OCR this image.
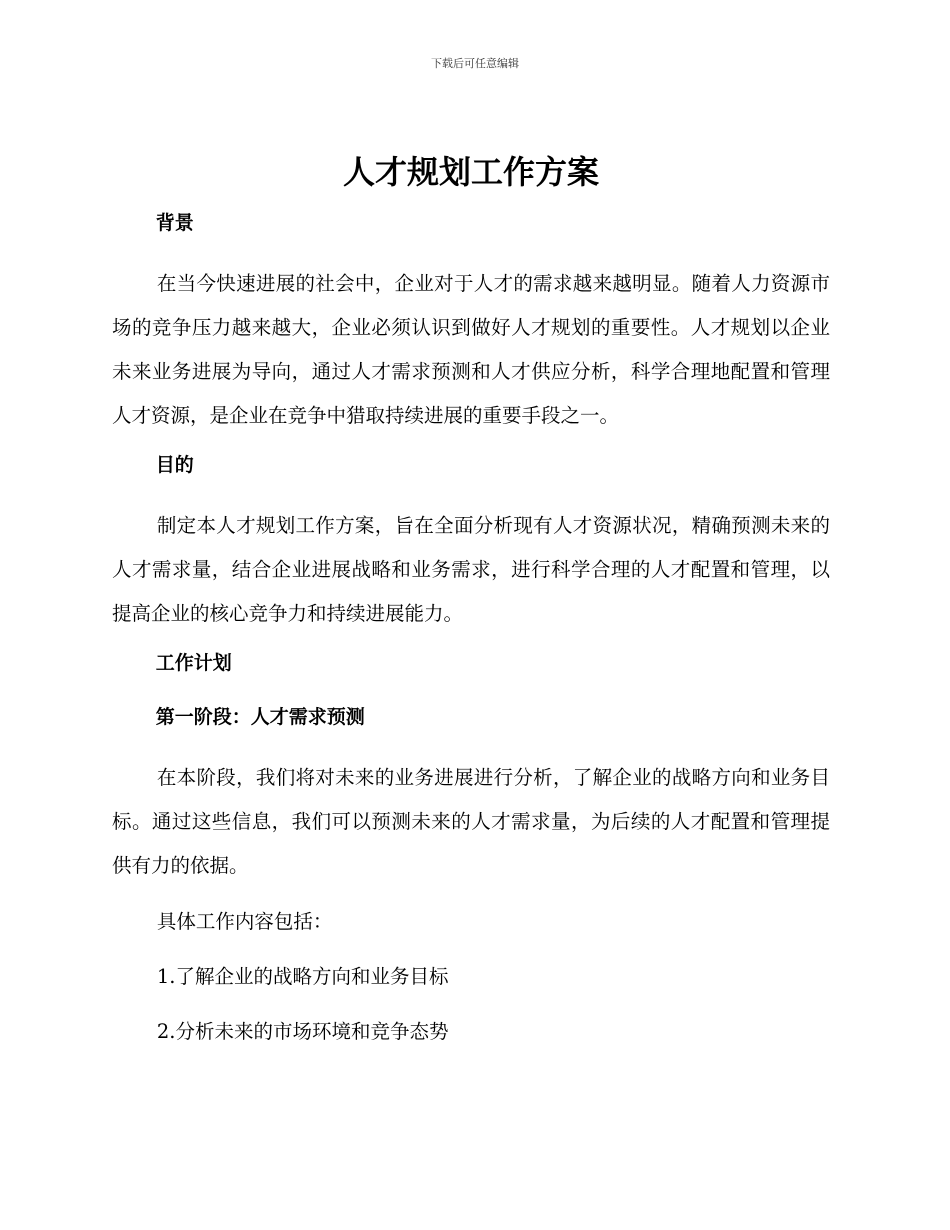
下载后可任意编辑
人才规划工作方案
背景

在当今快速进展的社会中，企业对于人才的需求越来越明显。随着人力资源市场的竞争压力越来越大，企业必须认识到做好人才规划的重要性。人才规划以企业未来业务进展为导向，通过人才需求预测和人才供应分析，科学合理地配置和管理人才资源，是企业在竞争中猎取持续进展的重要手段之一。

目的

制定本人才规划工作方案，旨在全面分析现有人才资源状况，精确预测未来的人才需求量，结合企业进展战略和业务需求，进行科学合理的人才配置和管理，以提高企业的核心竞争力和持续进展能力。

工作计划
第一阶段：人才需求预测

在本阶段，我们将对未来的业务进展进行分析，了解企业的战略方向和业务目标。通过这些信息，我们可以预测未来的人才需求量，为后续的人才配置和管理提供有力的依据。

具体工作内容包括：

1.了解企业的战略方向和业务目标

2.分析未来的市场环境和竞争态势
